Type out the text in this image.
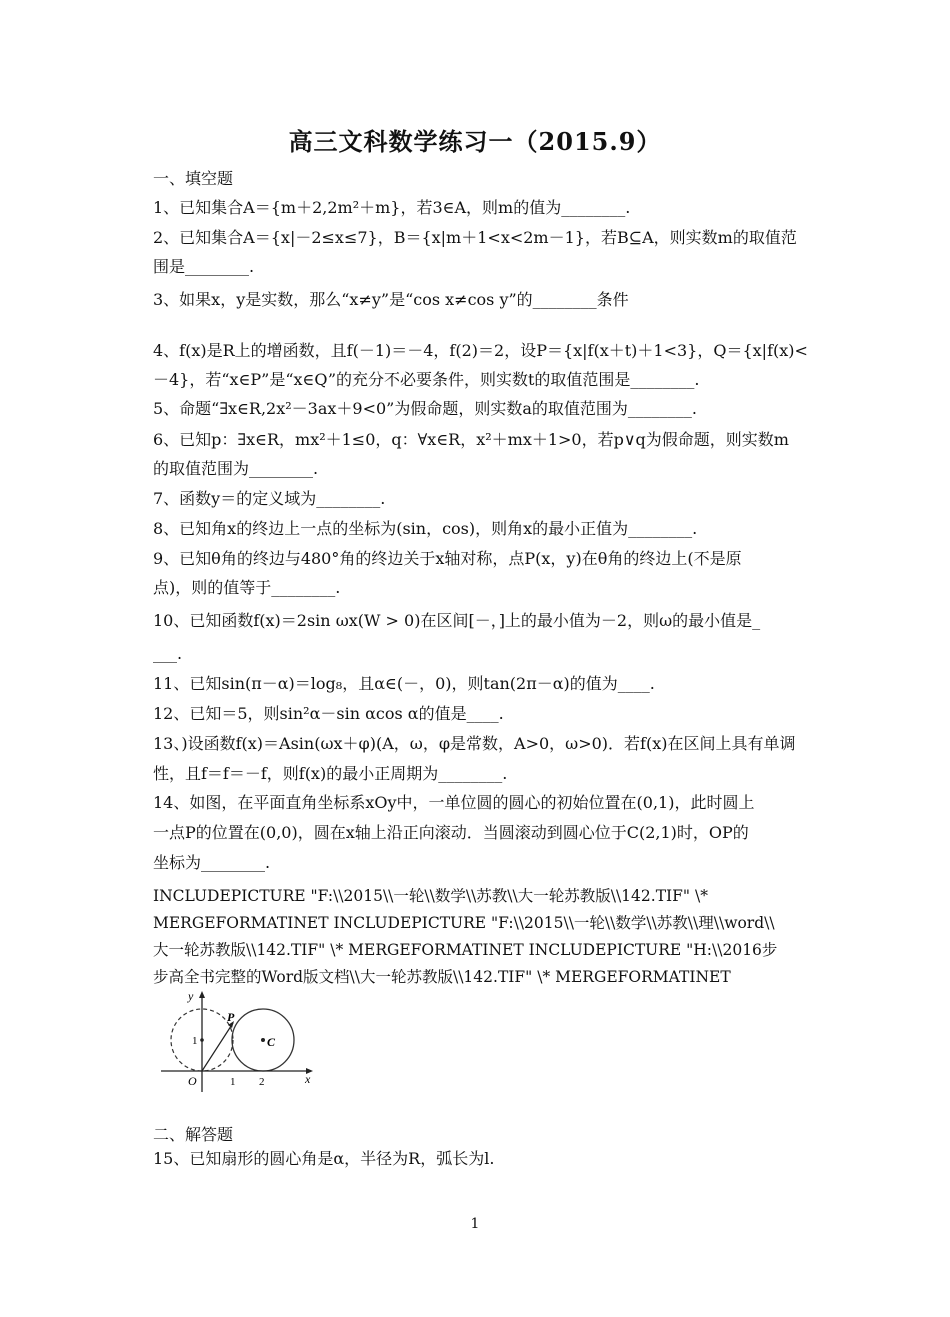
高三文科数学练习一（2015.9）
一、填空题
1、已知集合A＝{m＋2,2m²＋m}，若3∈A，则m的值为________.
2、已知集合A＝{x|－2≤x≤7}，B＝{x|m＋1<x<2m－1}，若B⊆A，则实数m的取值范
围是________.
3、如果x，y是实数，那么“x≠y”是“cos x≠cos y”的________条件
4、f(x)是R上的增函数，且f(－1)＝－4，f(2)＝2，设P＝{x|f(x＋t)＋1<3}，Q＝{x|f(x)<
－4}，若“x∈P”是“x∈Q”的充分不必要条件，则实数t的取值范围是________.
5、命题“∃x∈R,2x²－3ax＋9<0”为假命题，则实数a的取值范围为________.
6、已知p：∃x∈R，mx²＋1≤0，q：∀x∈R，x²＋mx＋1>0，若p∨q为假命题，则实数m
的取值范围为________.
7、函数y＝的定义域为________.
8、已知角x的终边上一点的坐标为(sin，cos)，则角x的最小正值为________.
9、已知θ角的终边与480°角的终边关于x轴对称，点P(x，y)在θ角的终边上(不是原
点)，则的值等于________.
10、已知函数f(x)＝2sin ωx(W > 0)在区间[－，]上的最小值为－2，则ω的最小值是_
___.
11、已知sin(π－α)＝log₈，且α∈(－，0)，则tan(2π－α)的值为____.
12、已知＝5，则sin²α－sin αcos α的值是____.
13、)设函数f(x)＝Asin(ωx＋φ)(A，ω，φ是常数，A>0，ω>0)．若f(x)在区间上具有单调
性，且f＝f＝－f，则f(x)的最小正周期为________.
14、如图，在平面直角坐标系xOy中，一单位圆的圆心的初始位置在(0,1)，此时圆上
一点P的位置在(0,0)，圆在x轴上沿正向滚动．当圆滚动到圆心位于C(2,1)时，OP的
坐标为________.
INCLUDEPICTURE "F:\\2015\\一轮\\数学\\苏教\\大一轮苏教版\\142.TIF" \*
MERGEFORMATINET INCLUDEPICTURE "F:\\2015\\一轮\\数学\\苏教\\理\\word\\
大一轮苏教版\\142.TIF" \* MERGEFORMATINET INCLUDEPICTURE "H:\\2016步
步高全书完整的Word版文档\\大一轮苏教版\\142.TIF" \* MERGEFORMATINET
y
x
O
1
1 2
P
C
二、解答题
15、已知扇形的圆心角是α，半径为R，弧长为l.
1
